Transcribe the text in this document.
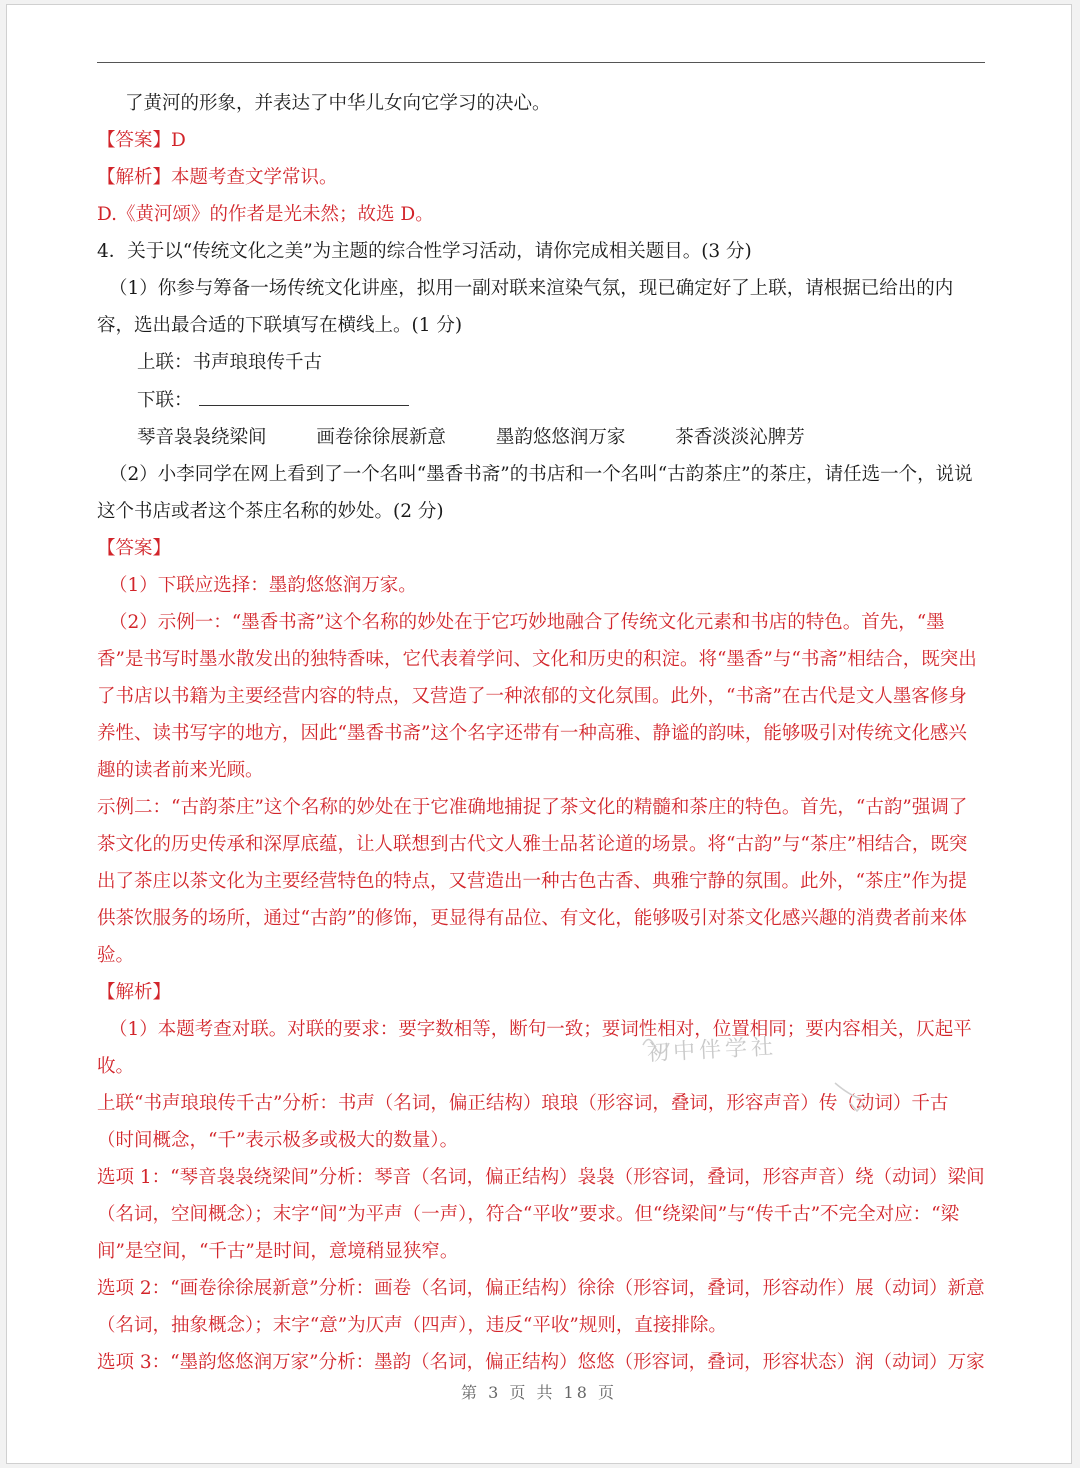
了黄河的形象，并表达了中华儿女向它学习的决心。

【答案】D

【解析】本题考查文学常识。

D.《黄河颂》的作者是光未然；故选 D。

4．关于以“传统文化之美”为主题的综合性学习活动，请你完成相关题目。(3 分)

（1）你参与筹备一场传统文化讲座，拟用一副对联来渲染气氛，现已确定好了上联，请根据已给出的内容，选出最合适的下联填写在横线上。(1 分)

上联：书声琅琅传千古

下联：

琴音袅袅绕梁间	画卷徐徐展新意	墨韵悠悠润万家	茶香淡淡沁脾芳

（2）小李同学在网上看到了一个名叫“墨香书斋”的书店和一个名叫“古韵茶庄”的茶庄，请任选一个，说说这个书店或者这个茶庄名称的妙处。(2 分)

【答案】

（1）下联应选择：墨韵悠悠润万家。

（2）示例一：“墨香书斋”这个名称的妙处在于它巧妙地融合了传统文化元素和书店的特色。首先，“墨香”是书写时墨水散发出的独特香味，它代表着学问、文化和历史的积淀。将“墨香”与“书斋”相结合，既突出了书店以书籍为主要经营内容的特点，又营造了一种浓郁的文化氛围。此外，“书斋”在古代是文人墨客修身养性、读书写字的地方，因此“墨香书斋”这个名字还带有一种高雅、静谧的韵味，能够吸引对传统文化感兴趣的读者前来光顾。

示例二：“古韵茶庄”这个名称的妙处在于它准确地捕捉了茶文化的精髓和茶庄的特色。首先，“古韵”强调了茶文化的历史传承和深厚底蕴，让人联想到古代文人雅士品茗论道的场景。将“古韵”与“茶庄”相结合，既突出了茶庄以茶文化为主要经营特色的特点，又营造出一种古色古香、典雅宁静的氛围。此外，“茶庄”作为提供茶饮服务的场所，通过“古韵”的修饰，更显得有品位、有文化，能够吸引对茶文化感兴趣的消费者前来体验。

【解析】

（1）本题考查对联。对联的要求：要字数相等，断句一致；要词性相对，位置相同；要内容相关，仄起平收。

上联“书声琅琅传千古”分析：书声（名词，偏正结构）琅琅（形容词，叠词，形容声音）传（动词）千古（时间概念，“千”表示极多或极大的数量）。

选项 1：“琴音袅袅绕梁间”分析：琴音（名词，偏正结构）袅袅（形容词，叠词，形容声音）绕（动词）梁间（名词，空间概念）；末字“间”为平声（一声），符合“平收”要求。但“绕梁间”与“传千古”不完全对应：“梁间”是空间，“千古”是时间，意境稍显狭窄。

选项 2：“画卷徐徐展新意”分析：画卷（名词，偏正结构）徐徐（形容词，叠词，形容动作）展（动词）新意（名词，抽象概念）；末字“意”为仄声（四声），违反“平收”规则，直接排除。

选项 3：“墨韵悠悠润万家”分析：墨韵（名词，偏正结构）悠悠（形容词，叠词，形容状态）润（动词）万家

初中伴学社
第 3 页 共 18 页
